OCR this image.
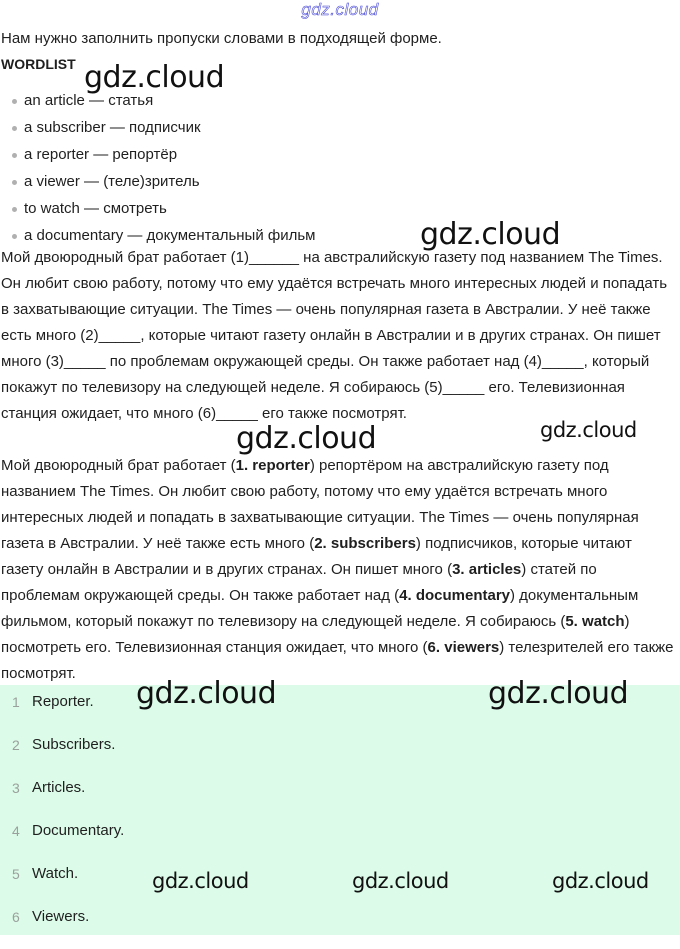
gdz.cloud
Нам нужно заполнить пропуски словами в подходящей форме.
WORDLIST
an article — статья
a subscriber — подписчик
a reporter — репортёр
a viewer — (теле)зритель
to watch — смотреть
a documentary — документальный фильм

Мой двоюродный брат работает (1)______ на австралийскую газету под названием The Times. Он любит свою работу, потому что ему удаётся встречать много интересных людей и попадать в захватывающие ситуации. The Times — очень популярная газета в Австралии. У неё также есть много (2)_____, которые читают газету онлайн в Австралии и в других странах. Он пишет много (3)_____ по проблемам окружающей среды. Он также работает над (4)_____, который покажут по телевизору на следующей неделе. Я собираюсь (5)_____ его. Телевизионная станция ожидает, что много (6)_____ его также посмотрят.

Мой двоюродный брат работает (1. reporter) репортёром на австралийскую газету под названием The Times. Он любит свою работу, потому что ему удаётся встречать много интересных людей и попадать в захватывающие ситуации. The Times — очень популярная газета в Австралии. У неё также есть много (2. subscribers) подписчиков, которые читают газету онлайн в Австралии и в других странах. Он пишет много (3. articles) статей по проблемам окружающей среды. Он также работает над (4. documentary) документальным фильмом, который покажут по телевизору на следующей неделе. Я собираюсь (5. watch) посмотреть его. Телевизионная станция ожидает, что много (6. viewers) телезрителей его также посмотрят.

1 Reporter.
2 Subscribers.
3 Articles.
4 Documentary.
5 Watch.
6 Viewers.
gdz.cloud
gdz.cloud
gdz.cloud	gdz.cloud
gdz.cloud	gdz.cloud
gdz.cloud	gdz.cloud	gdz.cloud
